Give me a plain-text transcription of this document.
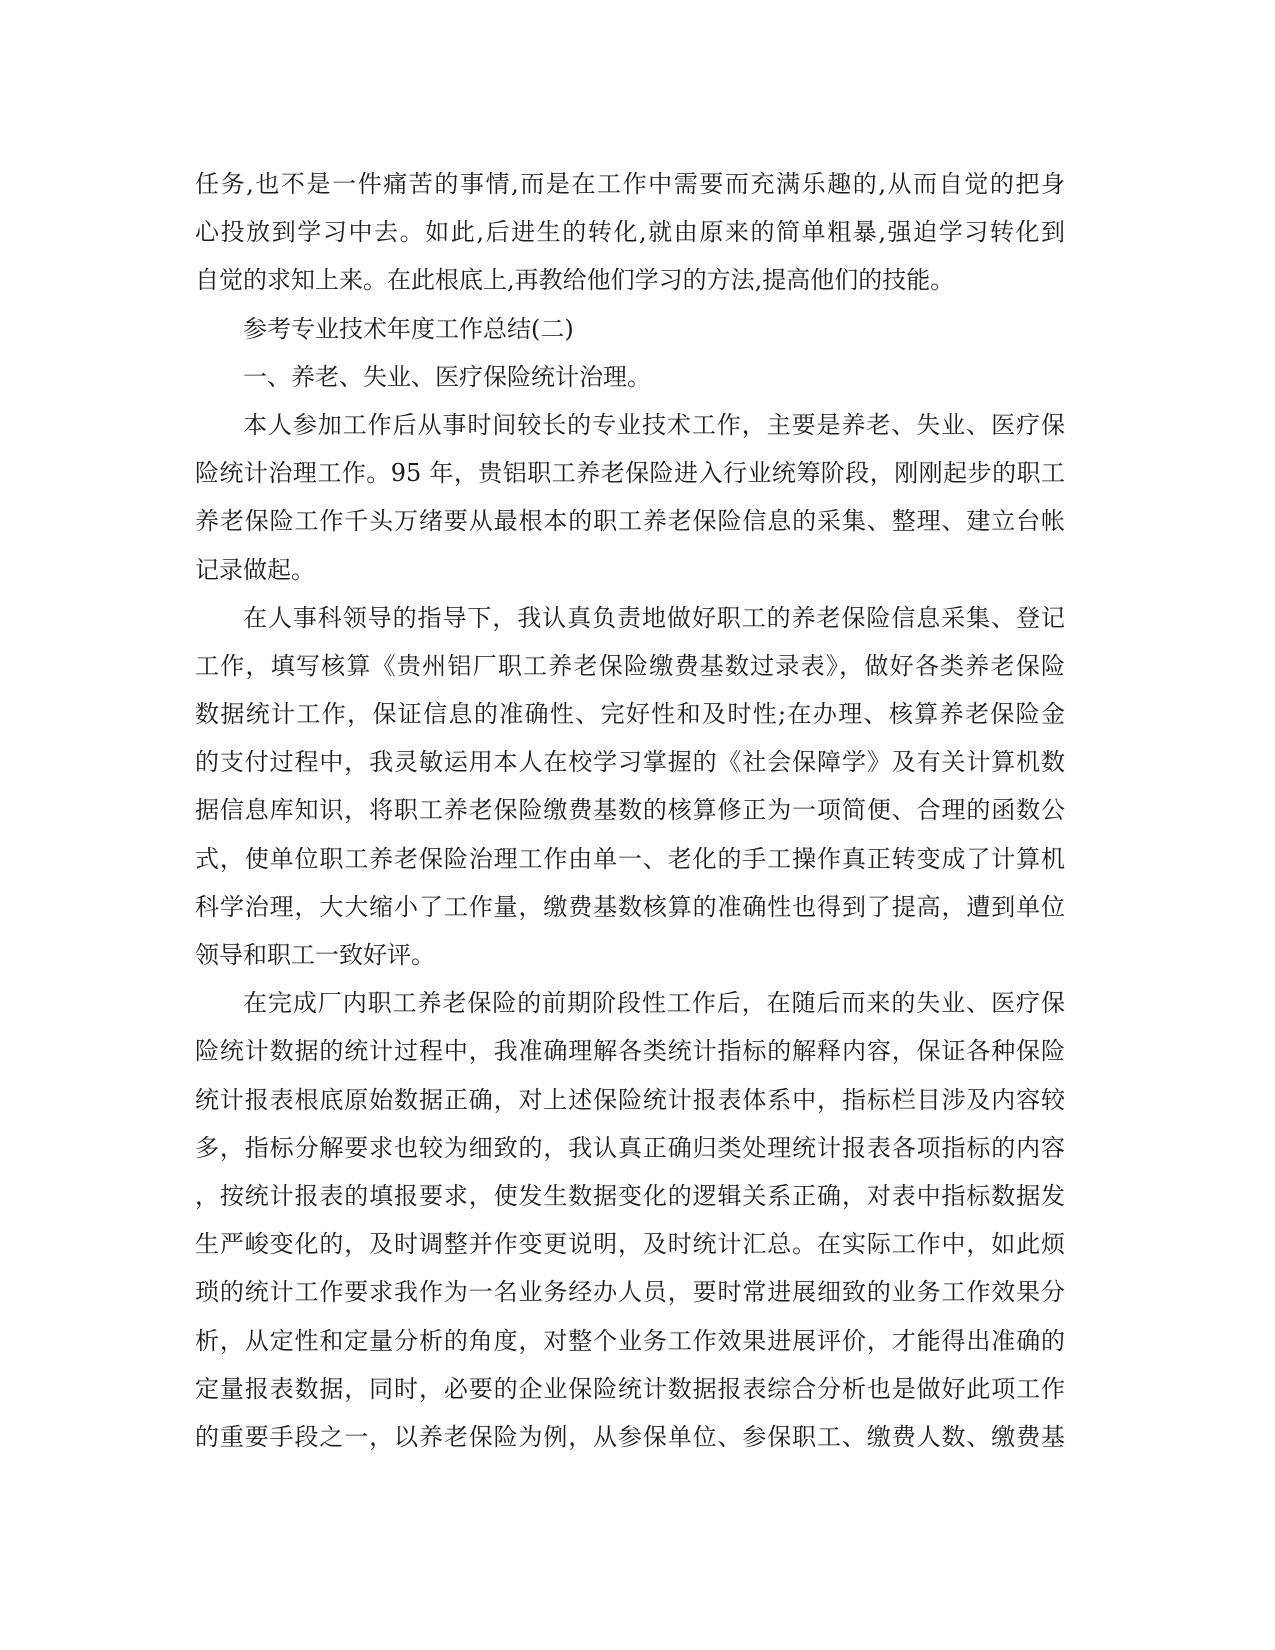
任务,也不是一件痛苦的事情,而是在工作中需要而充满乐趣的,从而自觉的把身
心投放到学习中去。如此,后进生的转化,就由原来的简单粗暴,强迫学习转化到
自觉的求知上来。在此根底上,再教给他们学习的方法,提高他们的技能。
参考专业技术年度工作总结(二)
一、养老、失业、医疗保险统计治理。
本人参加工作后从事时间较长的专业技术工作，主要是养老、失业、医疗保
险统计治理工作。95 年，贵铝职工养老保险进入行业统筹阶段，刚刚起步的职工
养老保险工作千头万绪要从最根本的职工养老保险信息的采集、整理、建立台帐
记录做起。
在人事科领导的指导下，我认真负责地做好职工的养老保险信息采集、登记
工作，填写核算《贵州铝厂职工养老保险缴费基数过录表》，做好各类养老保险
数据统计工作，保证信息的准确性、完好性和及时性;在办理、核算养老保险金
的支付过程中，我灵敏运用本人在校学习掌握的《社会保障学》及有关计算机数
据信息库知识，将职工养老保险缴费基数的核算修正为一项简便、合理的函数公
式，使单位职工养老保险治理工作由单一、老化的手工操作真正转变成了计算机
科学治理，大大缩小了工作量，缴费基数核算的准确性也得到了提高，遭到单位
领导和职工一致好评。
在完成厂内职工养老保险的前期阶段性工作后，在随后而来的失业、医疗保
险统计数据的统计过程中，我准确理解各类统计指标的解释内容，保证各种保险
统计报表根底原始数据正确，对上述保险统计报表体系中，指标栏目涉及内容较
多，指标分解要求也较为细致的，我认真正确归类处理统计报表各项指标的内容
，按统计报表的填报要求，使发生数据变化的逻辑关系正确，对表中指标数据发
生严峻变化的，及时调整并作变更说明，及时统计汇总。在实际工作中，如此烦
琐的统计工作要求我作为一名业务经办人员，要时常进展细致的业务工作效果分
析，从定性和定量分析的角度，对整个业务工作效果进展评价，才能得出准确的
定量报表数据，同时，必要的企业保险统计数据报表综合分析也是做好此项工作
的重要手段之一，以养老保险为例，从参保单位、参保职工、缴费人数、缴费基
